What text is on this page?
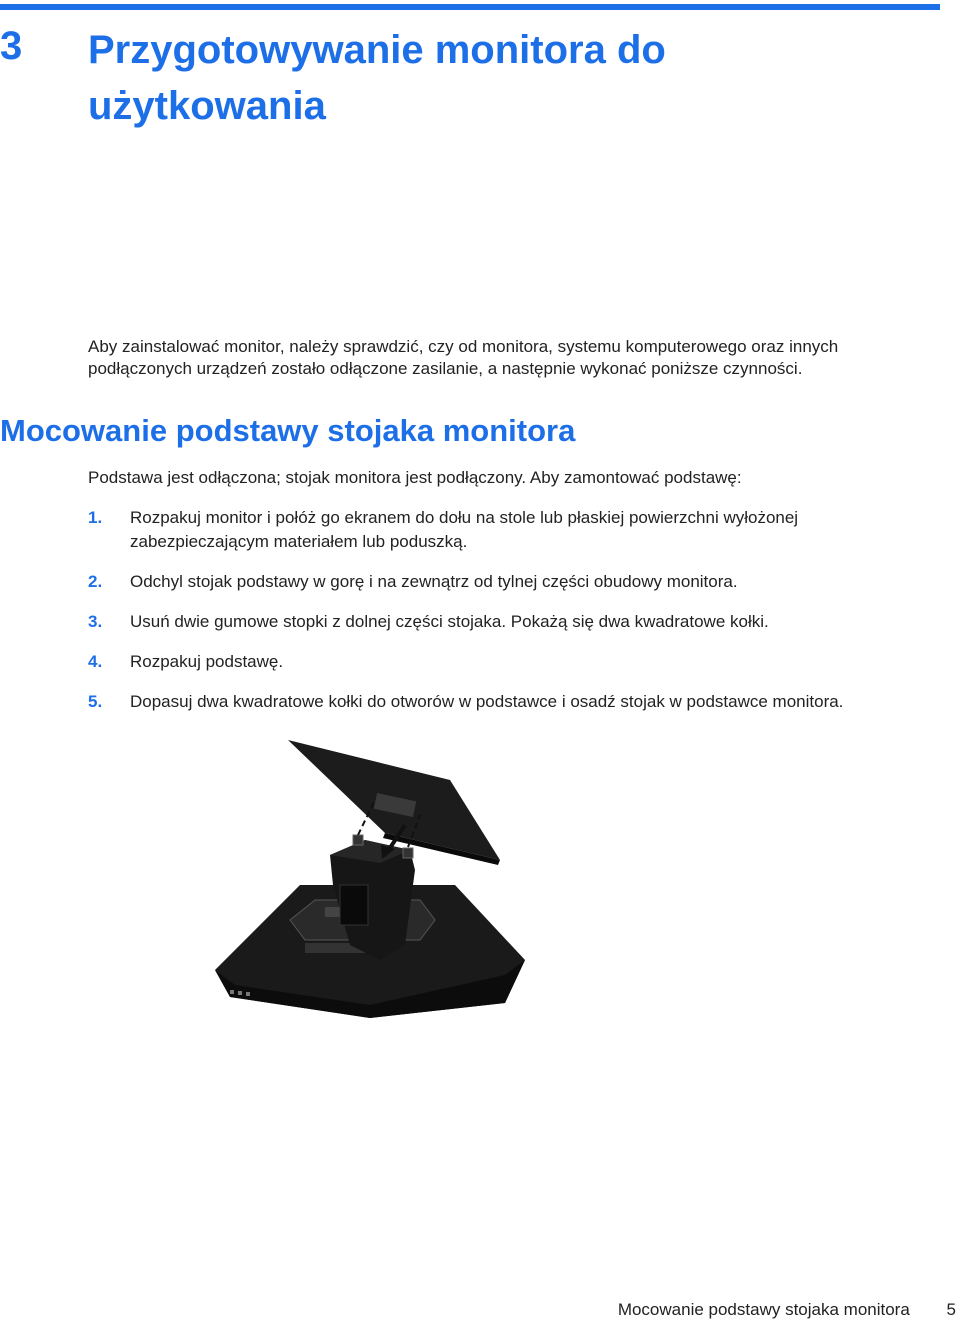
3 Przygotowywanie monitora do użytkowania

Aby zainstalować monitor, należy sprawdzić, czy od monitora, systemu komputerowego oraz innych podłączonych urządzeń zostało odłączone zasilanie, a następnie wykonać poniższe czynności.

Mocowanie podstawy stojaka monitora

Podstawa jest odłączona; stojak monitora jest podłączony. Aby zamontować podstawę:

1. Rozpakuj monitor i połóż go ekranem do dołu na stole lub płaskiej powierzchni wyłożonej zabezpieczającym materiałem lub poduszką.
2. Odchyl stojak podstawy w gorę i na zewnątrz od tylnej części obudowy monitora.
3. Usuń dwie gumowe stopki z dolnej części stojaka. Pokażą się dwa kwadratowe kołki.
4. Rozpakuj podstawę.
5. Dopasuj dwa kwadratowe kołki do otworów w podstawce i osadź stojak w podstawce monitora.
Mocowanie podstawy stojaka monitora 5
